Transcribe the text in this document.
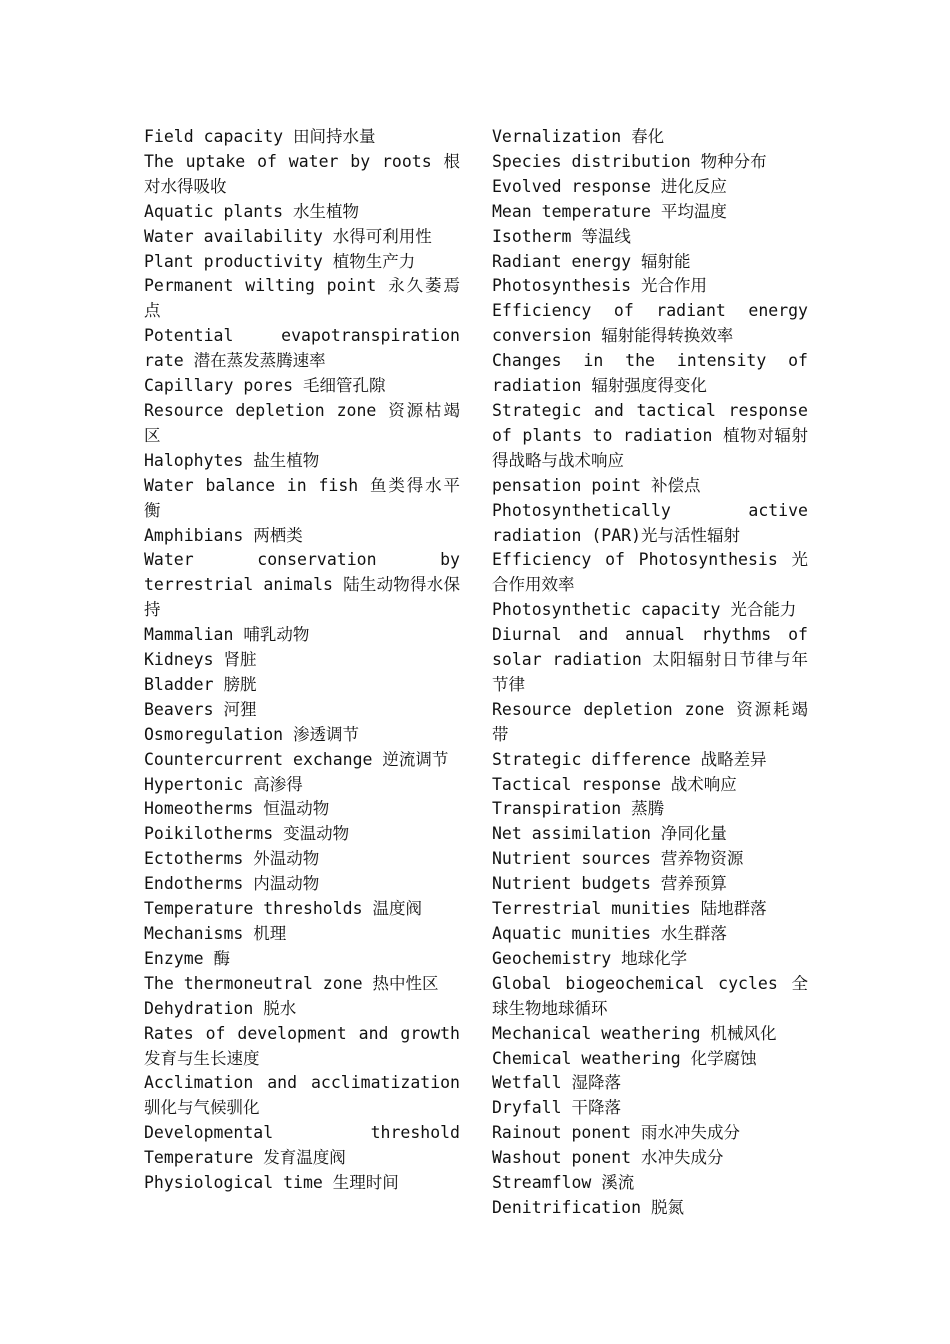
Field capacity 田间持水量

The uptake of water by roots 根对水得吸收

Aquatic plants 水生植物

Water availability 水得可利用性

Plant productivity 植物生产力

Permanent wilting point 永久萎焉点

Potential evapotranspiration rate 潜在蒸发蒸腾速率

Capillary pores 毛细管孔隙

Resource depletion zone 资源枯竭区

Halophytes 盐生植物

Water balance in fish 鱼类得水平衡

Amphibians 两栖类

Water conservation by terrestrial animals 陆生动物得水保持

Mammalian 哺乳动物

Kidneys 肾脏

Bladder 膀胱

Beavers 河狸

Osmoregulation 渗透调节

Countercurrent exchange 逆流调节

Hypertonic 高渗得

Homeotherms 恒温动物

Poikilotherms 变温动物

Ectotherms 外温动物

Endotherms 内温动物

Temperature thresholds 温度阀

Mechanisms 机理

Enzyme 酶

The thermoneutral zone 热中性区

Dehydration 脱水

Rates of development and growth 发育与生长速度

Acclimation and acclimatization 驯化与气候驯化

Developmental threshold Temperature 发育温度阀

Physiological time 生理时间

Vernalization 春化

Species distribution 物种分布

Evolved response 进化反应

Mean temperature 平均温度

Isotherm 等温线

Radiant energy 辐射能

Photosynthesis 光合作用

Efficiency of radiant energy conversion 辐射能得转换效率

Changes in the intensity of radiation 辐射强度得变化

Strategic and tactical response of plants to radiation 植物对辐射得战略与战术响应

pensation point 补偿点

Photosynthetically active radiation (PAR)光与活性辐射

Efficiency of Photosynthesis 光合作用效率

Photosynthetic capacity 光合能力

Diurnal and annual rhythms of solar radiation 太阳辐射日节律与年节律

Resource depletion zone 资源耗竭带

Strategic difference 战略差异

Tactical response 战术响应

Transpiration 蒸腾

Net assimilation 净同化量

Nutrient sources 营养物资源

Nutrient budgets 营养预算

Terrestrial munities 陆地群落

Aquatic munities 水生群落

Geochemistry 地球化学

Global biogeochemical cycles 全球生物地球循环

Mechanical weathering 机械风化

Chemical weathering 化学腐蚀

Wetfall 湿降落

Dryfall 干降落

Rainout ponent 雨水冲失成分

Washout ponent 水冲失成分

Streamflow 溪流

Denitrification 脱氮
